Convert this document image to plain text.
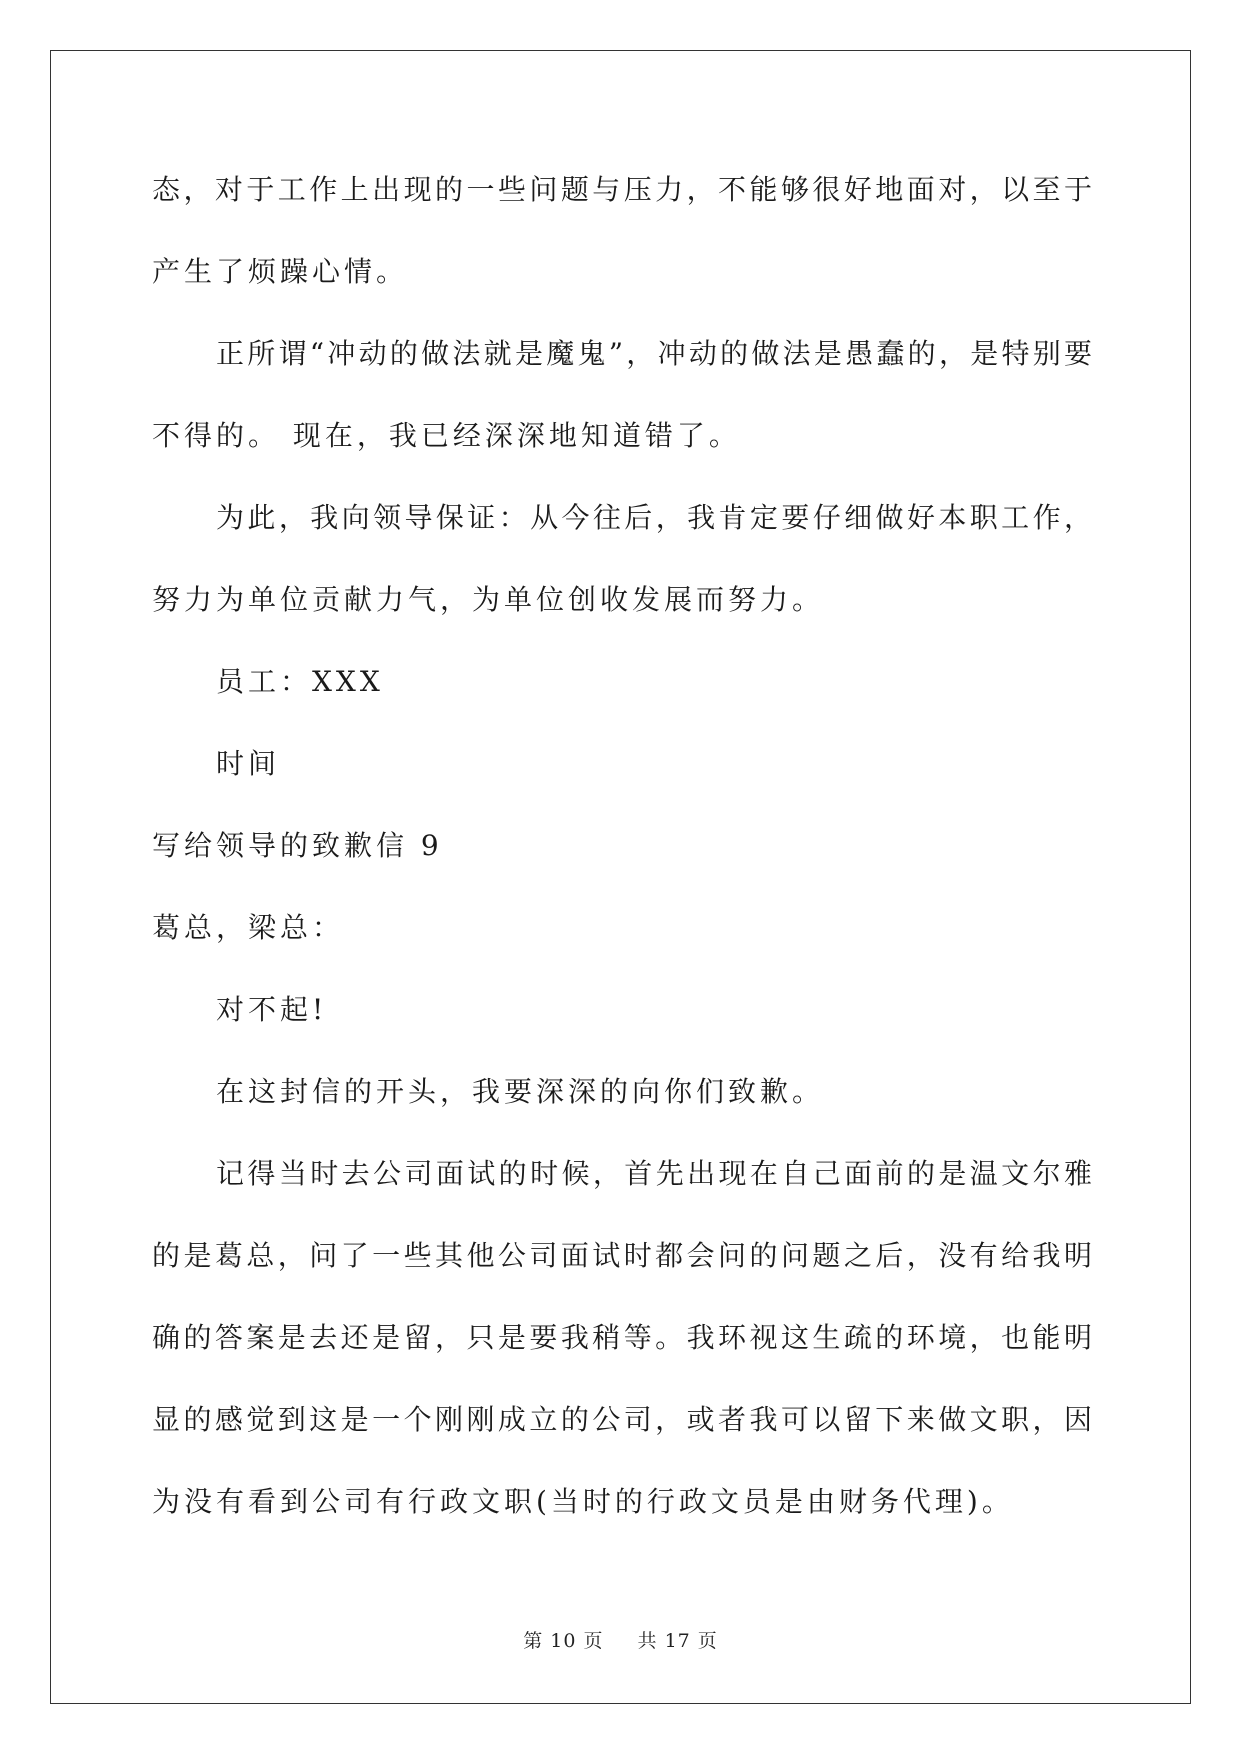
态，对于工作上出现的一些问题与压力，不能够很好地面对，以至于
产生了烦躁心情。
正所谓“冲动的做法就是魔鬼”，冲动的做法是愚蠢的，是特别要
不得的。 现在，我已经深深地知道错了。
为此，我向领导保证：从今往后，我肯定要仔细做好本职工作，
努力为单位贡献力气，为单位创收发展而努力。
员工：XXX
时间
写给领导的致歉信 9
葛总，梁总：
对不起!
在这封信的开头，我要深深的向你们致歉。
记得当时去公司面试的时候，首先出现在自己面前的是温文尔雅
的是葛总，问了一些其他公司面试时都会问的问题之后，没有给我明
确的答案是去还是留，只是要我稍等。我环视这生疏的环境，也能明
显的感觉到这是一个刚刚成立的公司，或者我可以留下来做文职，因
为没有看到公司有行政文职(当时的行政文员是由财务代理)。
第 10 页 共 17 页
